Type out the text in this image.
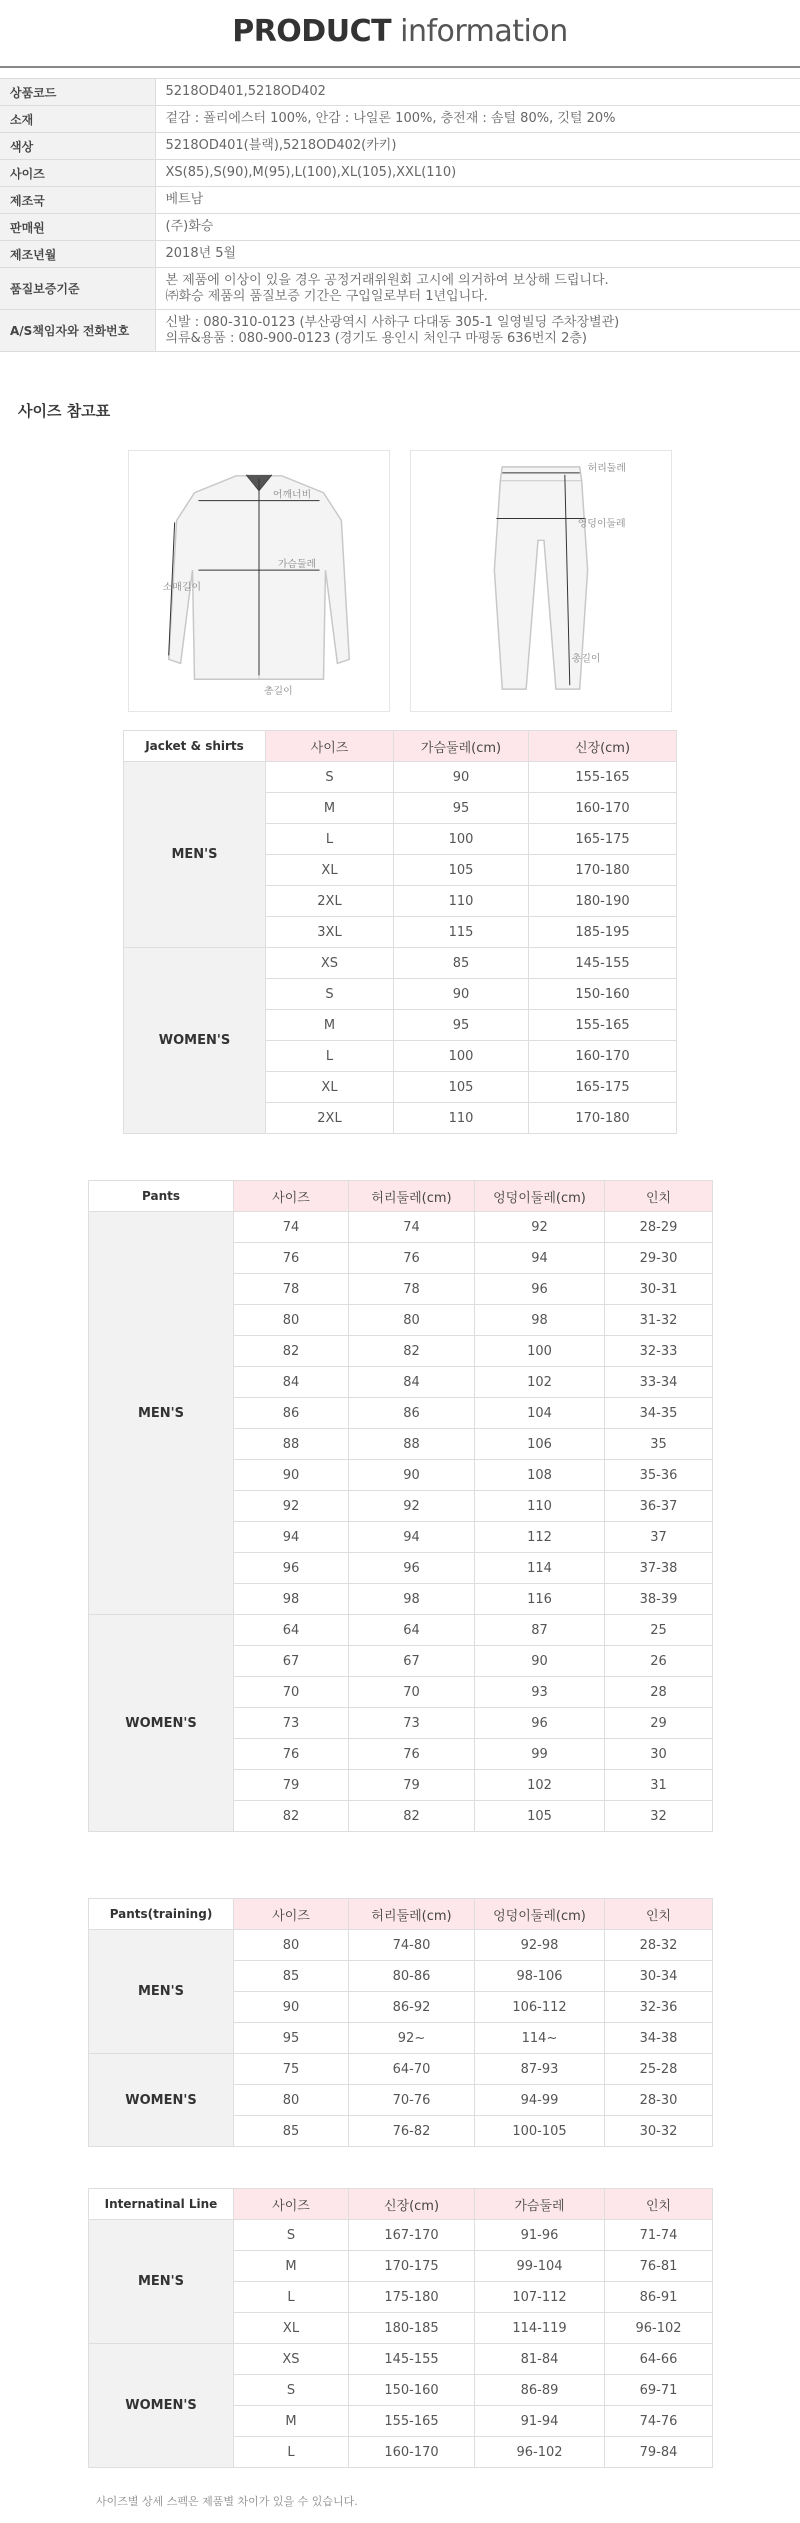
PRODUCT information
상품코드	5218OD401,5218OD402

소재	겉감 : 폴리에스터 100%, 안감 : 나일론 100%, 충전재 : 솜털 80%, 깃털 20%

색상	5218OD401(블랙),5218OD402(카키)

사이즈	XS(85),S(90),M(95),L(100),XL(105),XXL(110)

제조국	베트남

판매원	(주)화승

제조년월	2018년 5월

품질보증기준	본 제품에 이상이 있을 경우 공정거래위원회 고시에 의거하여 보상해 드립니다.
㈜화승 제품의 품질보증 기간은 구입일로부터 1년입니다.

A/S책임자와 전화번호	신발 : 080-310-0123 (부산광역시 사하구 다대동 305-1 일영빌딩 주차장별관)
의류&용품 : 080-900-0123 (경기도 용인시 처인구 마평동 636번지 2층)
사이즈 참고표
어깨너비
가슴둘레
소매길이
총길이
허리둘레
엉덩이둘레
총길이
Jacket & shirts	사이즈	가슴둘레(cm)	신장(cm)
MEN'S	S	90	155-165
	M	95	160-170
	L	100	165-175
	XL	105	170-180
	2XL	110	180-190
	3XL	115	185-195
WOMEN'S	XS	85	145-155
	S	90	150-160
	M	95	155-165
	L	100	160-170
	XL	105	165-175
	2XL	110	170-180
Pants	사이즈	허리둘레(cm)	엉덩이둘레(cm)	인치
MEN'S	74	74	92	28-29
	76	76	94	29-30
	78	78	96	30-31
	80	80	98	31-32
	82	82	100	32-33
	84	84	102	33-34
	86	86	104	34-35
	88	88	106	35
	90	90	108	35-36
	92	92	110	36-37
	94	94	112	37
	96	96	114	37-38
	98	98	116	38-39
WOMEN'S	64	64	87	25
	67	67	90	26
	70	70	93	28
	73	73	96	29
	76	76	99	30
	79	79	102	31
	82	82	105	32
Pants(training)	사이즈	허리둘레(cm)	엉덩이둘레(cm)	인치
MEN'S	80	74-80	92-98	28-32
	85	80-86	98-106	30-34
	90	86-92	106-112	32-36
	95	92~	114~	34-38
WOMEN'S	75	64-70	87-93	25-28
	80	70-76	94-99	28-30
	85	76-82	100-105	30-32
Internatinal Line	사이즈	신장(cm)	가슴둘레	인치
MEN'S	S	167-170	91-96	71-74
	M	170-175	99-104	76-81
	L	175-180	107-112	86-91
	XL	180-185	114-119	96-102
WOMEN'S	XS	145-155	81-84	64-66
	S	150-160	86-89	69-71
	M	155-165	91-94	74-76
	L	160-170	96-102	79-84
사이즈별 상세 스펙은 제품별 차이가 있을 수 있습니다.
